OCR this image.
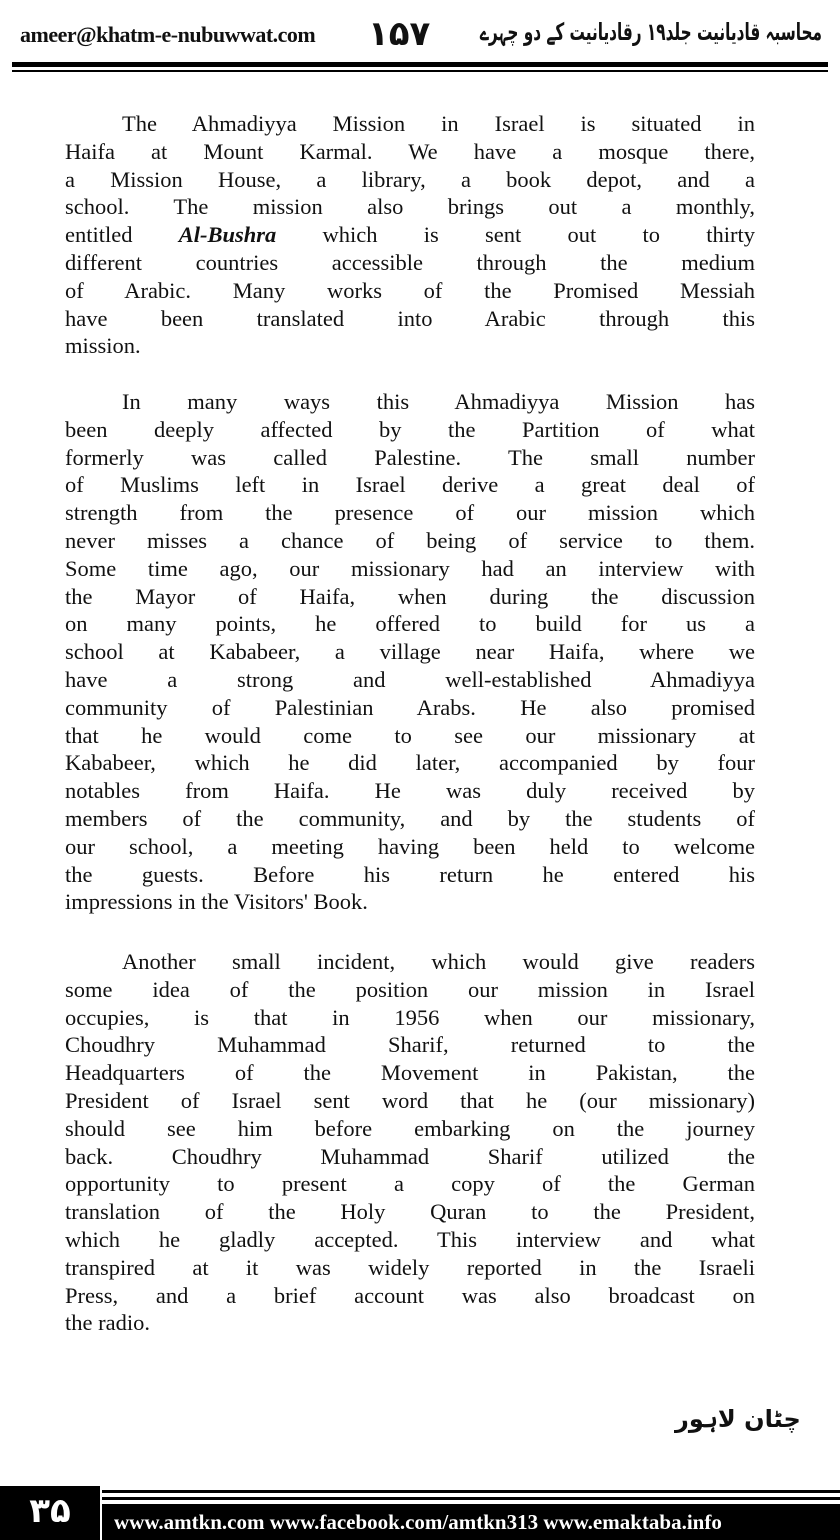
ameer@khatm-e-nubuwwat.com ۱۵۷ محاسبہ قادیانیت جلد۱۹ رقادیانیت کے دو چہرے
The Ahmadiyya Mission in Israel is situated in
Haifa at Mount Karmal. We have a mosque there,
a Mission House, a library, a book depot, and a
school. The mission also brings out a monthly,
entitled Al-Bushra which is sent out to thirty
different countries accessible through the medium
of Arabic. Many works of the Promised Messiah
have been translated into Arabic through this
mission.
In many ways this Ahmadiyya Mission has
been deeply affected by the Partition of what
formerly was called Palestine. The small number
of Muslims left in Israel derive a great deal of
strength from the presence of our mission which
never misses a chance of being of service to them.
Some time ago, our missionary had an interview with
the Mayor of Haifa, when during the discussion
on many points, he offered to build for us a
school at Kababeer, a village near Haifa, where we
have a strong and well-established Ahmadiyya
community of Palestinian Arabs. He also promised
that he would come to see our missionary at
Kababeer, which he did later, accompanied by four
notables from Haifa. He was duly received by
members of the community, and by the students of
our school, a meeting having been held to welcome
the guests. Before his return he entered his
impressions in the Visitors' Book.
Another small incident, which would give readers
some idea of the position our mission in Israel
occupies, is that in 1956 when our missionary,
Choudhry Muhammad Sharif, returned to the
Headquarters of the Movement in Pakistan, the
President of Israel sent word that he (our missionary)
should see him before embarking on the journey
back. Choudhry Muhammad Sharif utilized the
opportunity to present a copy of the German
translation of the Holy Quran to the President,
which he gladly accepted. This interview and what
transpired at it was widely reported in the Israeli
Press, and a brief account was also broadcast on
the radio.
چٹان لاہور
۳۵	www.amtkn.com www.facebook.com/amtkn313 www.emaktaba.info
